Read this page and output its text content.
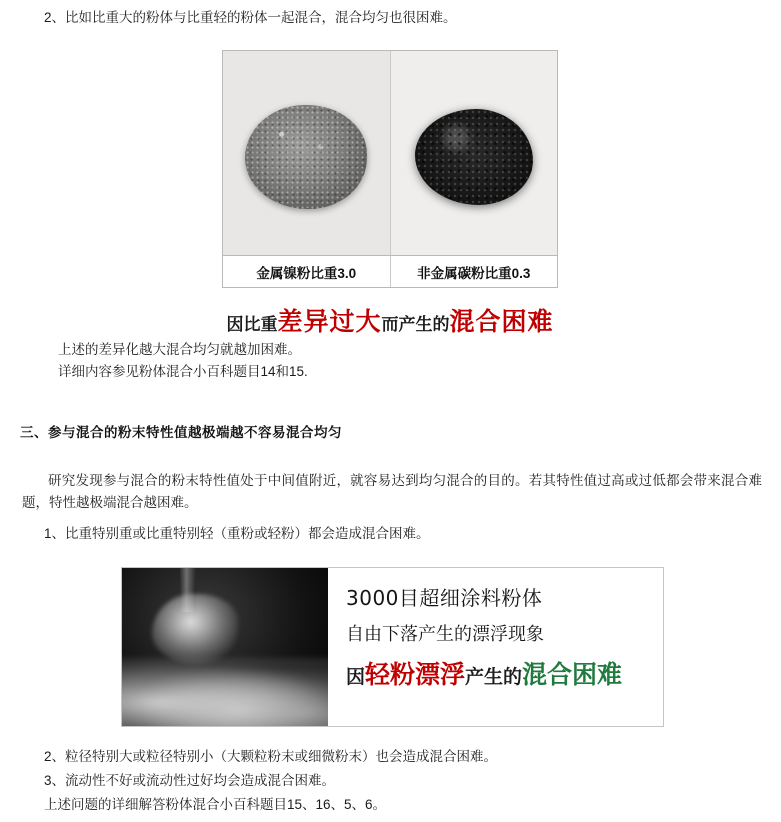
2、比如比重大的粉体与比重轻的粉体一起混合，混合均匀也很困难。
金属镍粉比重3.0	非金属碳粉比重0.3
因比重差异过大而产生的混合困难
上述的差异化越大混合均匀就越加困难。
详细内容参见粉体混合小百科题目14和15.
三、参与混合的粉末特性值越极端越不容易混合均匀
研究发现参与混合的粉末特性值处于中间值附近，就容易达到均匀混合的目的。若其特性值过高或过低都会带来混合难题，特性越极端混合越困难。
1、比重特别重或比重特别轻（重粉或轻粉）都会造成混合困难。
3000目超细涂料粉体
自由下落产生的漂浮现象
因轻粉漂浮产生的混合困难
2、粒径特别大或粒径特别小（大颗粒粉末或细微粉末）也会造成混合困难。
3、流动性不好或流动性过好均会造成混合困难。
上述问题的详细解答粉体混合小百科题目15、16、5、6。
